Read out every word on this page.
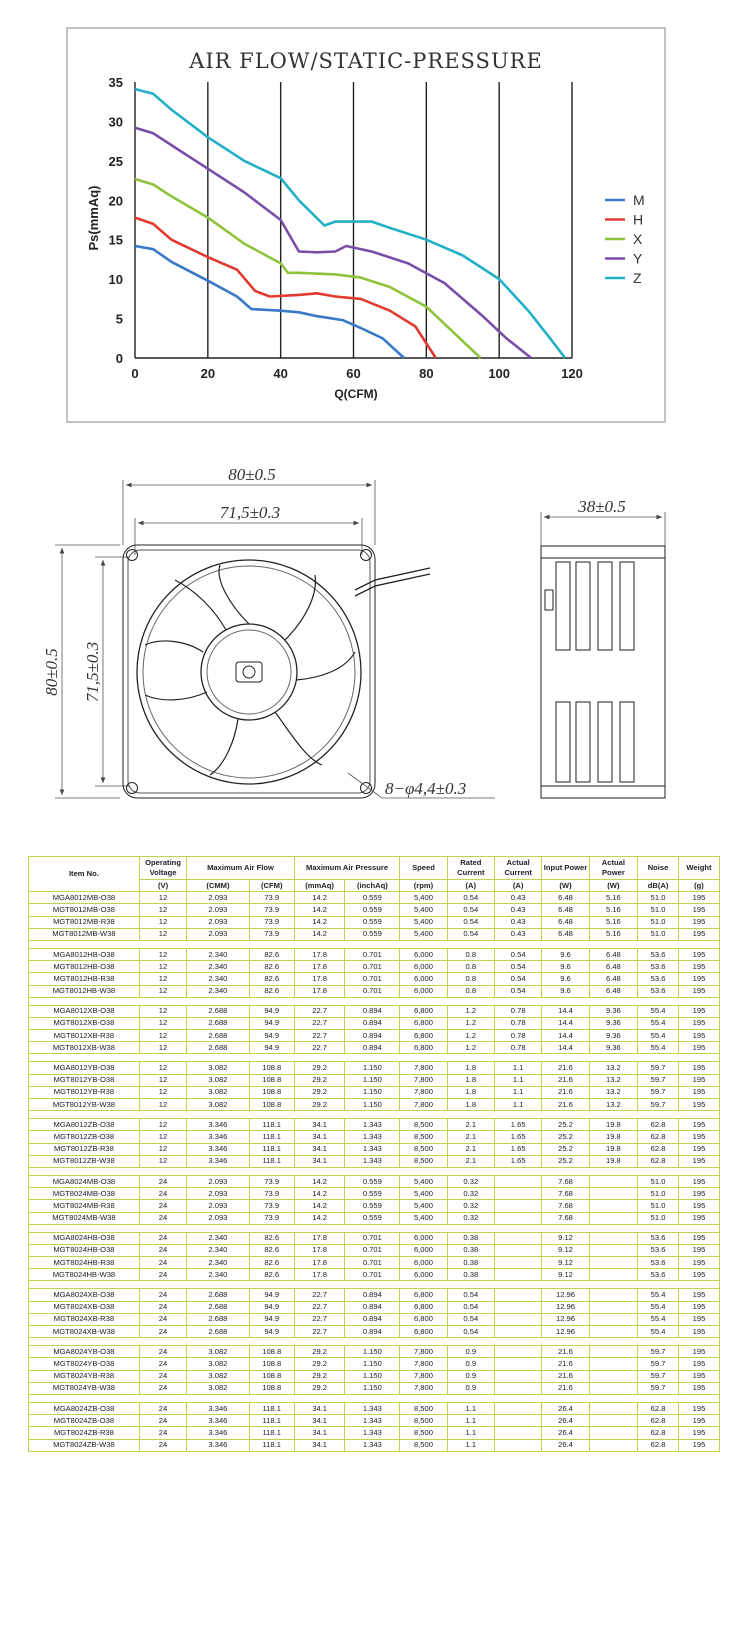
AIR FLOW/STATIC-PRESSURE
0	20	40	60	80	100	120
0
5
10
15
20
25
30
35
M
H
X
Y
Z
Q(CFM)
Ps(mmAq)
80±0.5
71,5±0.3
80±0.5 71,5±0.3
8−φ4,4±0.3
38±0.5
Item No.	Operating Voltage	Maximum Air Flow		Maximum Air Pressure		Speed	Rated Current	Actual Current	Input Power	Actual Power	Noise	Weight
	(V)	(CMM)	(CFM)	(mmAq)	(inchAq)	(rpm)	(A)	(A)	(W)	(W)	dB(A)	(g)
MGA8012MB-O38	12	2.093	73.9	14.2	0.559	5,400	0.54	0.43	6.48	5.16	51.0	195
MGT8012MB-O38	12	2.093	73.9	14.2	0.559	5,400	0.54	0.43	6.48	5.16	51.0	195
MGT8012MB-R38	12	2.093	73.9	14.2	0.559	5,400	0.54	0.43	6.48	5.16	51.0	195
MGT8012MB-W38	12	2.093	73.9	14.2	0.559	5,400	0.54	0.43	6.48	5.16	51.0	195

MGA8012HB-O38	12	2.340	82.6	17.8	0.701	6,000	0.8	0.54	9.6	6.48	53.6	195
MGT8012HB-O38	12	2.340	82.6	17.8	0.701	6,000	0.8	0.54	9.6	6.48	53.6	195
MGT8012HB-R38	12	2.340	82.6	17.8	0.701	6,000	0.8	0.54	9.6	6.48	53.6	195
MGT8012HB-W38	12	2.340	82.6	17.8	0.701	6,000	0.8	0.54	9.6	6.48	53.6	195

MGA8012XB-O38	12	2.688	94.9	22.7	0.894	6,800	1.2	0.78	14.4	9.36	55.4	195
MGT8012XB-O38	12	2.688	94.9	22.7	0.894	6,800	1.2	0.78	14.4	9.36	55.4	195
MGT8012XB-R38	12	2.688	94.9	22.7	0.894	6,800	1.2	0.78	14.4	9.36	55.4	195
MGT8012XB-W38	12	2.688	94.9	22.7	0.894	6,800	1.2	0.78	14.4	9.36	55.4	195

MGA8012YB-O38	12	3.082	108.8	29.2	1.150	7,800	1.8	1.1	21.6	13.2	59.7	195
MGT8012YB-O38	12	3.082	108.8	29.2	1.150	7,800	1.8	1.1	21.6	13.2	59.7	195
MGT8012YB-R38	12	3.082	108.8	29.2	1.150	7,800	1.8	1.1	21.6	13.2	59.7	195
MGT8012YB-W38	12	3.082	108.8	29.2	1.150	7,800	1.8	1.1	21.6	13.2	59.7	195

MGA8012ZB-O38	12	3.346	118.1	34.1	1.343	8,500	2.1	1.65	25.2	19.8	62.8	195
MGT8012ZB-O38	12	3.346	118.1	34.1	1.343	8,500	2.1	1.65	25.2	19.8	62.8	195
MGT8012ZB-R38	12	3.346	118.1	34.1	1.343	8,500	2.1	1.65	25.2	19.8	62.8	195
MGT8012ZB-W38	12	3.346	118.1	34.1	1.343	8,500	2.1	1.65	25.2	19.8	62.8	195

MGA8024MB-O38	24	2.093	73.9	14.2	0.559	5,400	0.32		7.68		51.0	195
MGT8024MB-O38	24	2.093	73.9	14.2	0.559	5,400	0.32		7.68		51.0	195
MGT8024MB-R38	24	2.093	73.9	14.2	0.559	5,400	0.32		7.68		51.0	195
MGT8024MB-W38	24	2.093	73.9	14.2	0.559	5,400	0.32		7.68		51.0	195

MGA8024HB-O38	24	2.340	82.6	17.8	0.701	6,000	0.38		9.12		53.6	195
MGT8024HB-O38	24	2.340	82.6	17.8	0.701	6,000	0.38		9.12		53.6	195
MGT8024HB-R38	24	2.340	82.6	17.8	0.701	6,000	0.38		9.12		53.6	195
MGT8024HB-W38	24	2.340	82.6	17.8	0.701	6,000	0.38		9.12		53.6	195

MGA8024XB-O38	24	2.688	94.9	22.7	0.894	6,800	0.54		12.96		55.4	195
MGT8024XB-O38	24	2.688	94.9	22.7	0.894	6,800	0.54		12.96		55.4	195
MGT8024XB-R38	24	2.688	94.9	22.7	0.894	6,800	0.54		12.96		55.4	195
MGT8024XB-W38	24	2.688	94.9	22.7	0.894	6,800	0.54		12.96		55.4	195

MGA8024YB-O38	24	3.082	108.8	29.2	1.150	7,800	0.9		21.6		59.7	195
MGT8024YB-O38	24	3.082	108.8	29.2	1.150	7,800	0.9		21.6		59.7	195
MGT8024YB-R38	24	3.082	108.8	29.2	1.150	7,800	0.9		21.6		59.7	195
MGT8024YB-W38	24	3.082	108.8	29.2	1.150	7,800	0.9		21.6		59.7	195

MGA8024ZB-O38	24	3.346	118.1	34.1	1.343	8,500	1.1		26.4		62.8	195
MGT8024ZB-O38	24	3.346	118.1	34.1	1.343	8,500	1.1		26.4		62.8	195
MGT8024ZB-R38	24	3.346	118.1	34.1	1.343	8,500	1.1		26.4		62.8	195
MGT8024ZB-W38	24	3.346	118.1	34.1	1.343	8,500	1.1		26.4		62.8	195
